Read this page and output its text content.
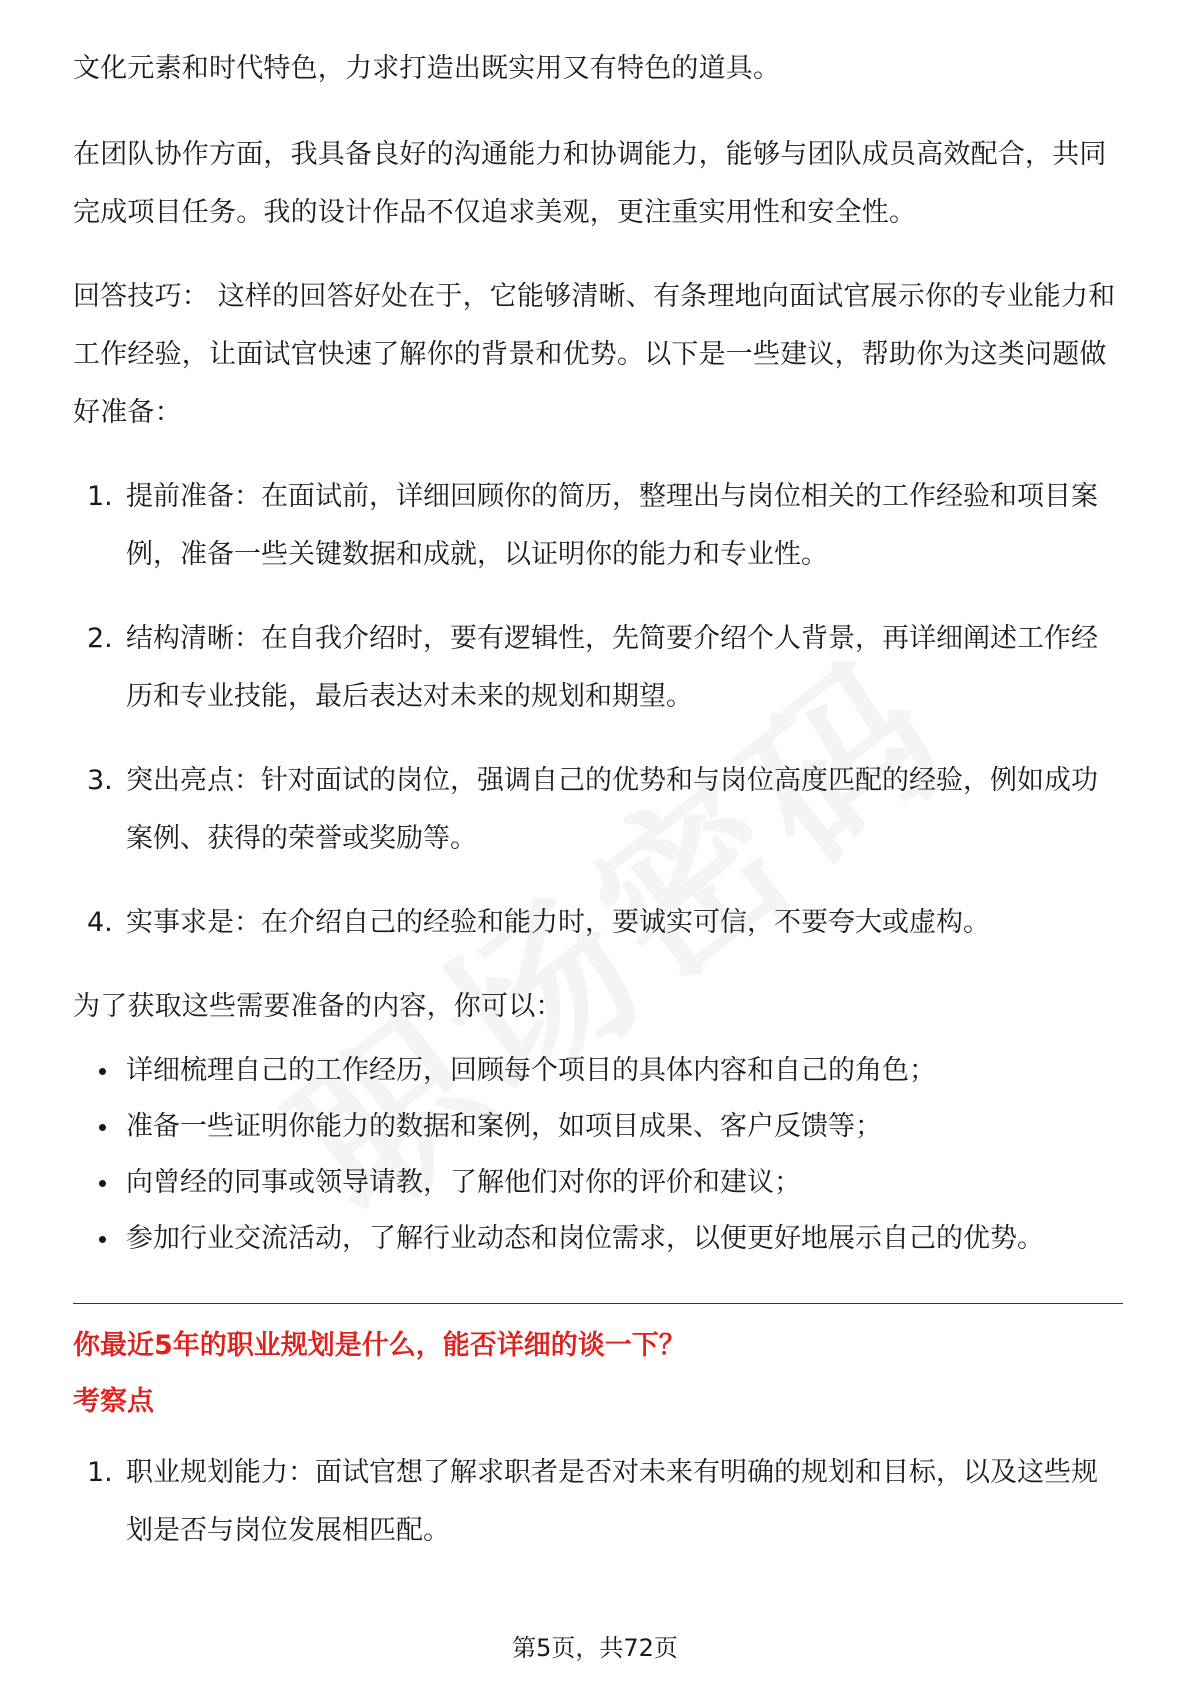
文化元素和时代特色，力求打造出既实用又有特色的道具。

在团队协作方面，我具备良好的沟通能力和协调能力，能够与团队成员高效配合，共同完成项目任务。我的设计作品不仅追求美观，更注重实用性和安全性。

回答技巧： 这样的回答好处在于，它能够清晰、有条理地向面试官展示你的专业能力和工作经验，让面试官快速了解你的背景和优势。以下是一些建议，帮助你为这类问题做好准备：

1. 提前准备：在面试前，详细回顾你的简历，整理出与岗位相关的工作经验和项目案例，准备一些关键数据和成就，以证明你的能力和专业性。
2. 结构清晰：在自我介绍时，要有逻辑性，先简要介绍个人背景，再详细阐述工作经历和专业技能，最后表达对未来的规划和期望。
3. 突出亮点：针对面试的岗位，强调自己的优势和与岗位高度匹配的经验，例如成功案例、获得的荣誉或奖励等。
4. 实事求是：在介绍自己的经验和能力时，要诚实可信，不要夸大或虚构。

为了获取这些需要准备的内容，你可以：

详细梳理自己的工作经历，回顾每个项目的具体内容和自己的角色；
准备一些证明你能力的数据和案例，如项目成果、客户反馈等；
向曾经的同事或领导请教，了解他们对你的评价和建议；
参加行业交流活动，了解行业动态和岗位需求，以便更好地展示自己的优势。
你最近5年的职业规划是什么，能否详细的谈一下？
考察点
1. 职业规划能力：面试官想了解求职者是否对未来有明确的规划和目标，以及这些规划是否与岗位发展相匹配。
第5页，共72页
